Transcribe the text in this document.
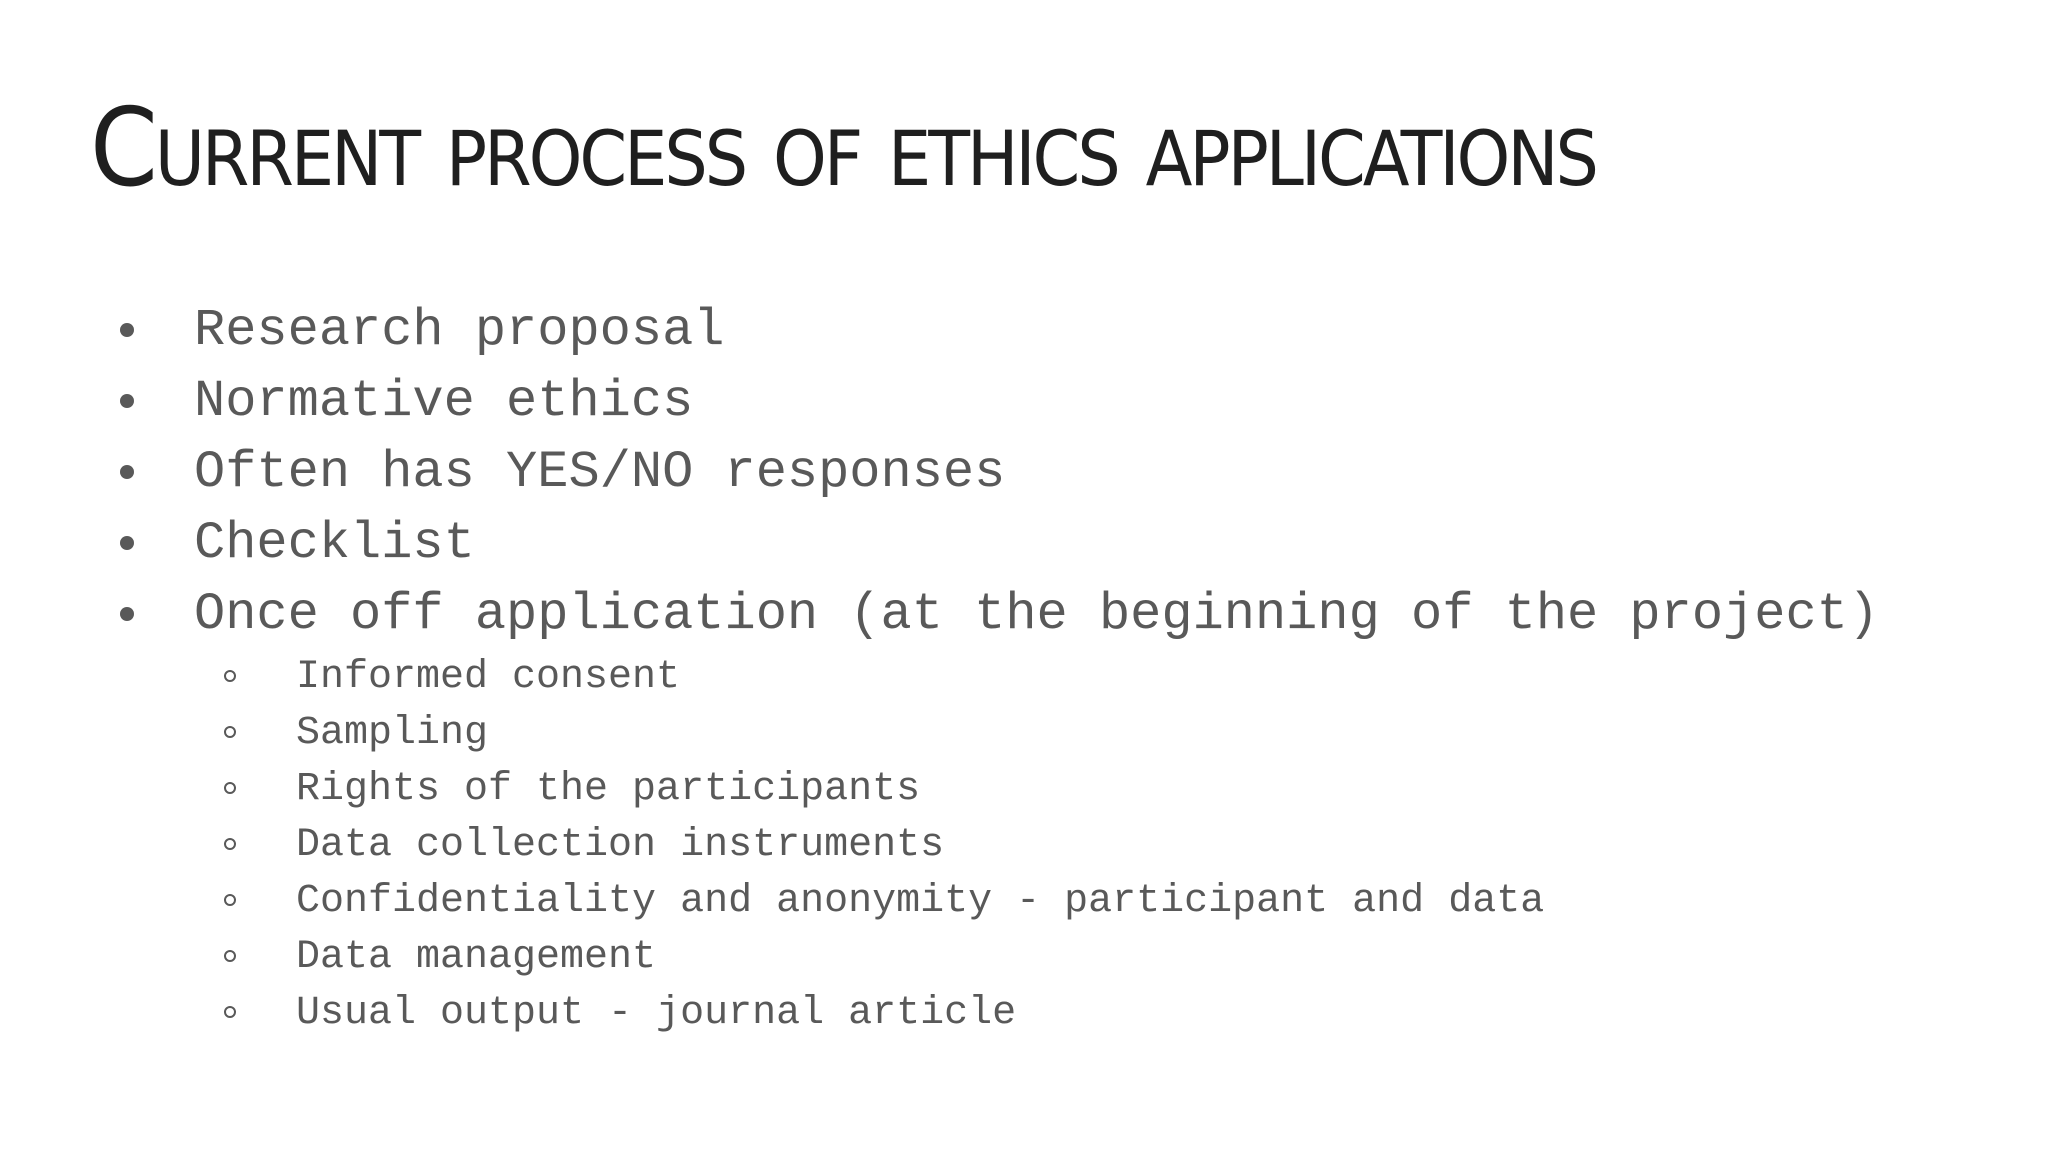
Current process of ethics applications
Research proposal
Normative ethics
Often has YES/NO responses
Checklist
Once off application (at the beginning of the project)
Informed consent
Sampling
Rights of the participants
Data collection instruments
Confidentiality and anonymity - participant and data
Data management
Usual output - journal article
